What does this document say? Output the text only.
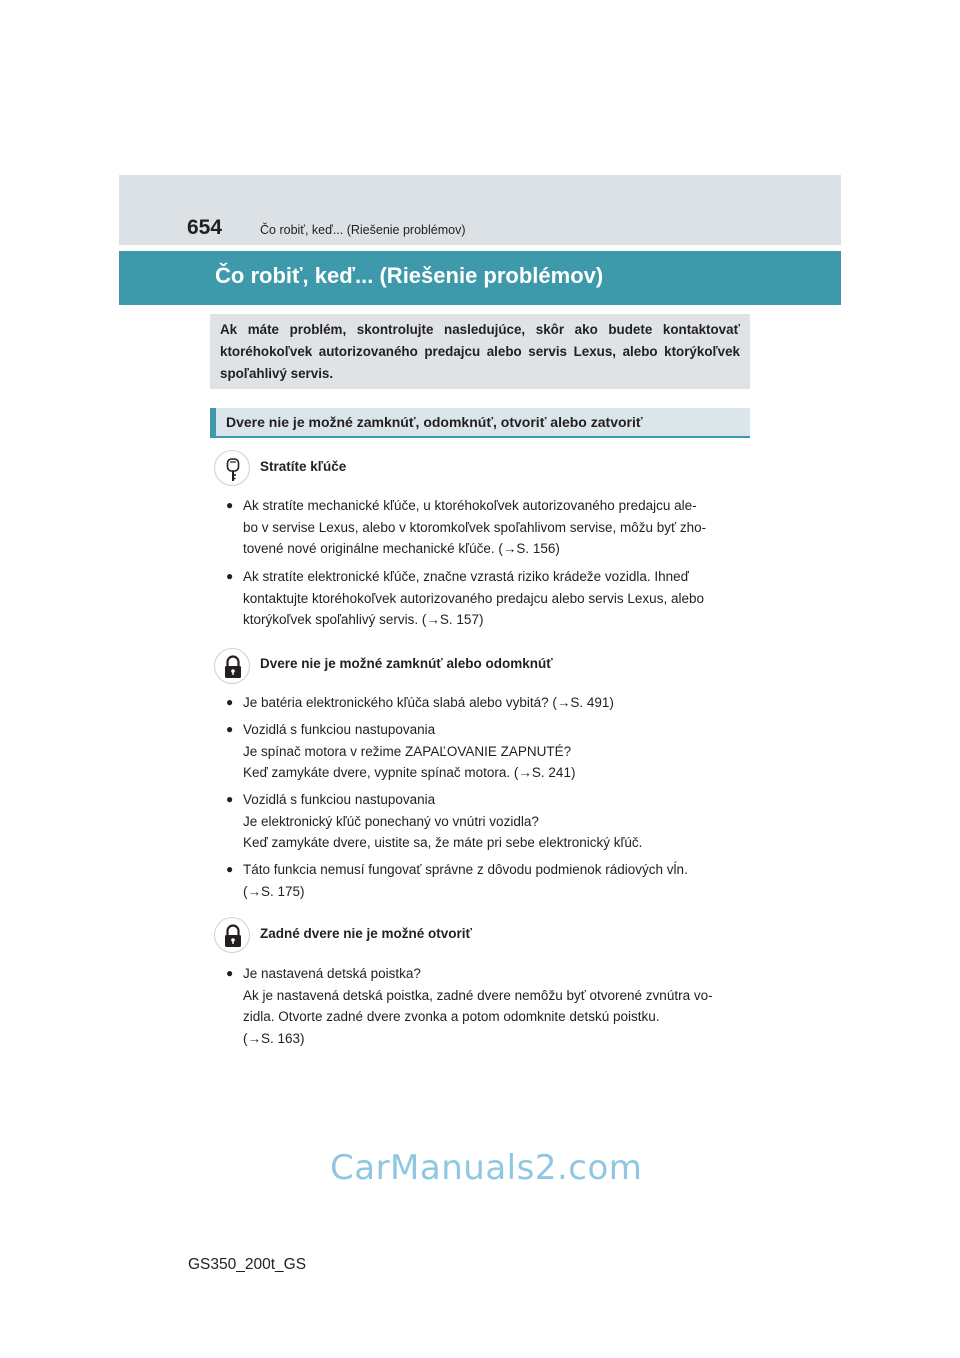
654	Čo robiť, keď... (Riešenie problémov)
Čo robiť, keď... (Riešenie problémov)
Ak máte problém, skontrolujte nasledujúce, skôr ako budete kontaktovať ktoréhokoľvek autorizovaného predajcu alebo servis Lexus, alebo ktorýkoľvek spoľahlivý servis.
Dvere nie je možné zamknúť, odomknúť, otvoriť alebo zatvoriť
Stratíte kľúče
● Ak stratíte mechanické kľúče, u ktoréhokoľvek autorizovaného predajcu ale-
bo v servise Lexus, alebo v ktoromkoľvek spoľahlivom servise, môžu byť zho-
tovené nové originálne mechanické kľúče. (→S. 156)
● Ak stratíte elektronické kľúče, značne vzrastá riziko krádeže vozidla. Ihneď
kontaktujte ktoréhokoľvek autorizovaného predajcu alebo servis Lexus, alebo
ktorýkoľvek spoľahlivý servis. (→S. 157)
Dvere nie je možné zamknúť alebo odomknúť
● Je batéria elektronického kľúča slabá alebo vybitá? (→S. 491)
● Vozidlá s funkciou nastupovania
Je spínač motora v režime ZAPAĽOVANIE ZAPNUTÉ?
Keď zamykáte dvere, vypnite spínač motora. (→S. 241)
● Vozidlá s funkciou nastupovania
Je elektronický kľúč ponechaný vo vnútri vozidla?
Keď zamykáte dvere, uistite sa, že máte pri sebe elektronický kľúč.
● Táto funkcia nemusí fungovať správne z dôvodu podmienok rádiových vĺn.
(→S. 175)
Zadné dvere nie je možné otvoriť
● Je nastavená detská poistka?
Ak je nastavená detská poistka, zadné dvere nemôžu byť otvorené zvnútra vo-
zidla. Otvorte zadné dvere zvonka a potom odomknite detskú poistku.
(→S. 163)
CarManuals2.com
GS350_200t_GS
